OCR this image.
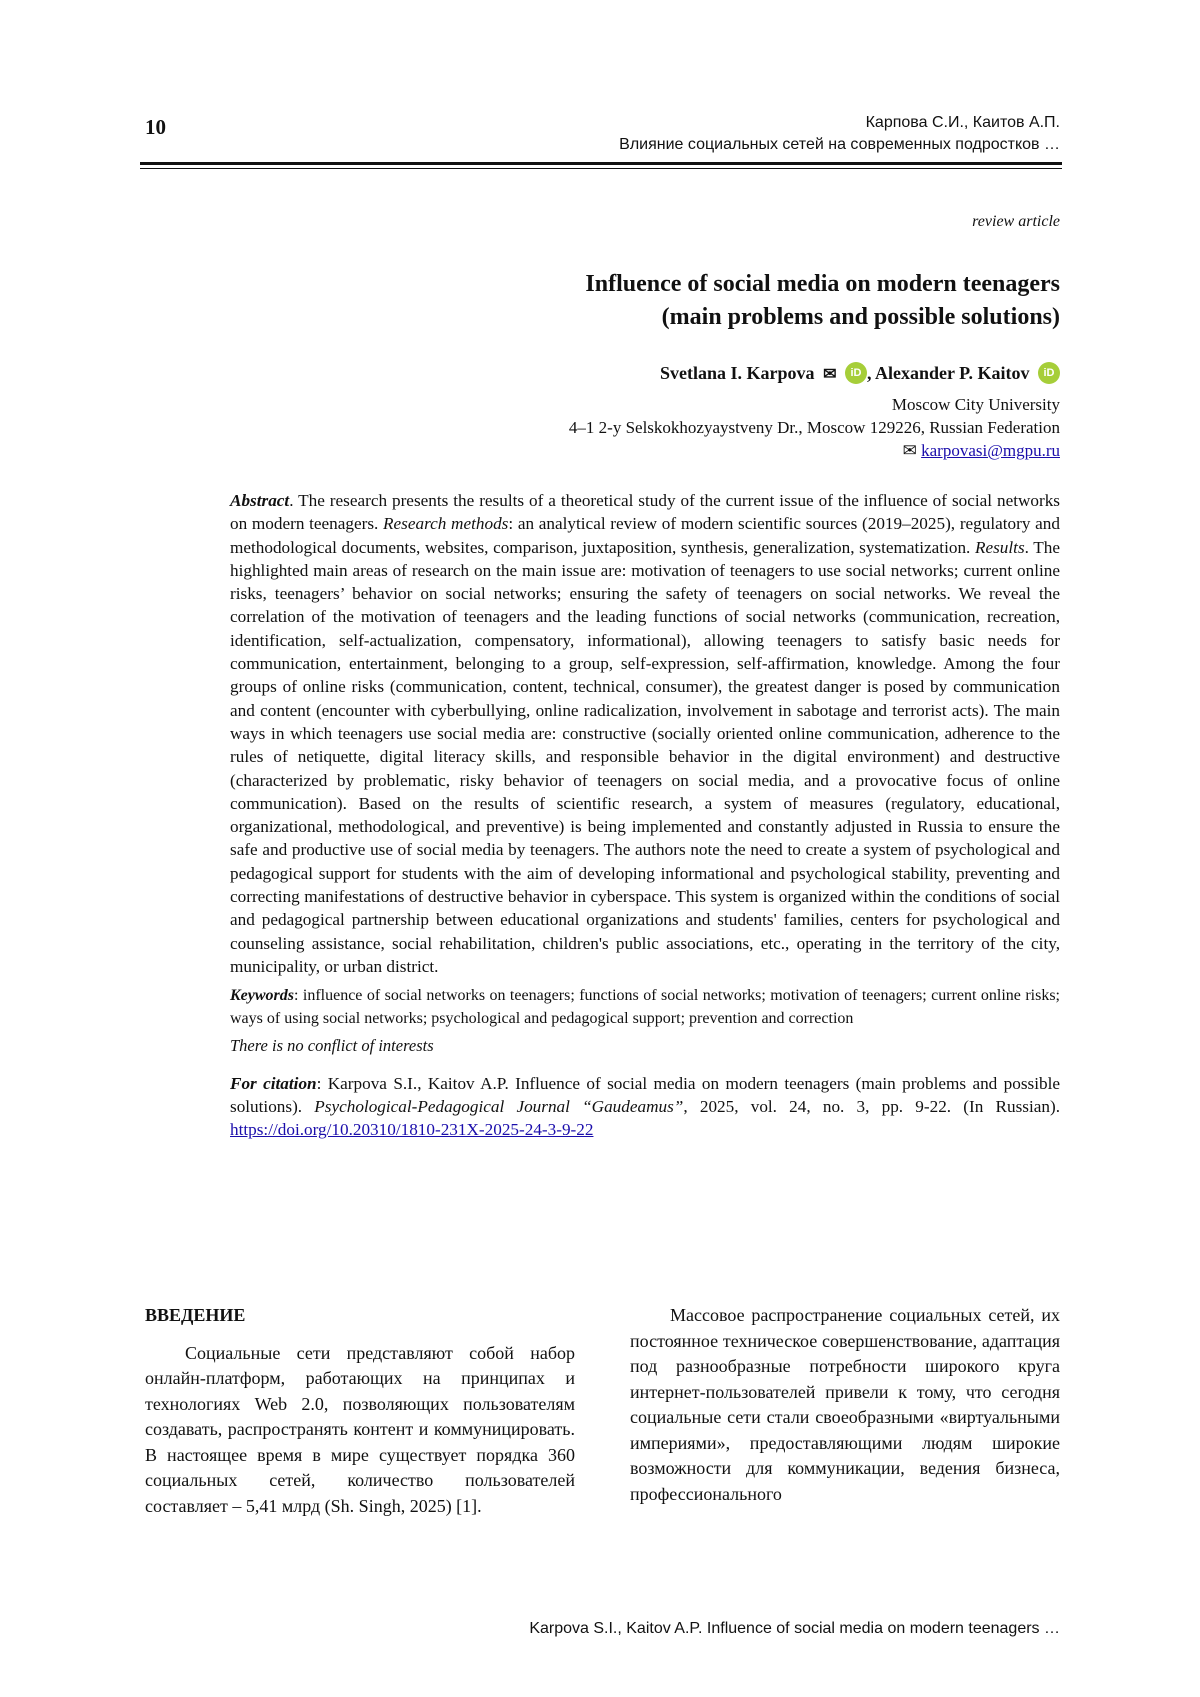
10	Карпова С.И., Каитов А.П.
Влияние социальных сетей на современных подростков …
review article
Influence of social media on modern teenagers
(main problems and possible solutions)
Svetlana I. Karpova ✉ iD , Alexander P. Kaitov iD
Moscow City University
4–1 2-y Selskokhozyaystveny Dr., Moscow 129226, Russian Federation
✉ karpovasi@mgpu.ru

Abstract. The research presents the results of a theoretical study of the current issue of the influence of social networks on modern teenagers. Research methods: an analytical review of modern scientific sources (2019–2025), regulatory and methodological documents, websites, comparison, juxtaposition, synthesis, generalization, systematization. Results. The highlighted main areas of research on the main issue are: motivation of teenagers to use social networks; current online risks, teenagers’ behavior on social networks; ensuring the safety of teenagers on social networks. We reveal the correlation of the motivation of teenagers and the leading functions of social networks (communication, recreation, identification, self-actualization, compensatory, informational), allowing teenagers to satisfy basic needs for communication, entertainment, belonging to a group, self-expression, self-affirmation, knowledge. Among the four groups of online risks (communication, content, technical, consumer), the greatest danger is posed by communication and content (encounter with cyberbullying, online radicalization, involvement in sabotage and terrorist acts). The main ways in which teenagers use social media are: constructive (socially oriented online communication, adherence to the rules of netiquette, digital literacy skills, and responsible behavior in the digital environment) and destructive (characterized by problematic, risky behavior of teenagers on social media, and a provocative focus of online communication). Based on the results of scientific research, a system of measures (regulatory, educational, organizational, methodological, and preventive) is being implemented and constantly adjusted in Russia to ensure the safe and productive use of social media by teenagers. The authors note the need to create a system of psychological and pedagogical support for students with the aim of developing informational and psychological stability, preventing and correcting manifestations of destructive behavior in cyberspace. This system is organized within the conditions of social and pedagogical partnership between educational organizations and students' families, centers for psychological and counseling assistance, social rehabilitation, children's public associations, etc., operating in the territory of the city, municipality, or urban district.

Keywords: influence of social networks on teenagers; functions of social networks; motivation of teenagers; current online risks; ways of using social networks; psychological and pedagogical support; prevention and correction

There is no conflict of interests

For citation: Karpova S.I., Kaitov A.P. Influence of social media on modern teenagers (main problems and possible solutions). Psychological-Pedagogical Journal “Gaudeamus”, 2025, vol. 24, no. 3, pp. 9-22. (In Russian). https://doi.org/10.20310/1810-231X-2025-24-3-9-22

ВВЕДЕНИЕ

Социальные сети представляют собой набор онлайн-платформ, работающих на принципах и технологиях Web 2.0, позволяющих пользователям создавать, распространять контент и коммуницировать. В настоящее время в мире существует порядка 360 социальных сетей, количество пользователей составляет – 5,41 млрд (Sh. Singh, 2025) [1].

Массовое распространение социальных сетей, их постоянное техническое совершенствование, адаптация под разнообразные потребности широкого круга интернет-пользователей привели к тому, что сегодня социальные сети стали своеобразными «виртуальными империями», предоставляющими людям широкие возможности для коммуникации, ведения бизнеса, профессионального

Karpova S.I., Kaitov A.P. Influence of social media on modern teenagers …
